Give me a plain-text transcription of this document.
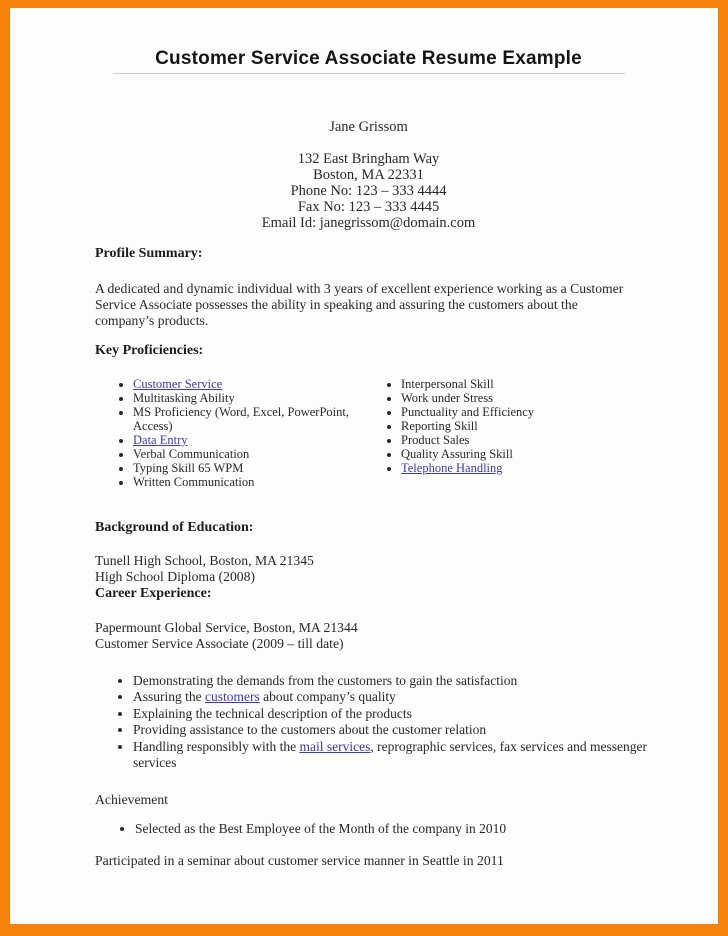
Customer Service Associate Resume Example
Jane Grissom
132 East Bringham Way
Boston, MA 22331
Phone No: 123 – 333 4444
Fax No: 123 – 333 4445
Email Id: janegrissom@domain.com
Profile Summary:

A dedicated and dynamic individual with 3 years of excellent experience working as a Customer Service Associate possesses the ability in speaking and assuring the customers about the company’s products.

Key Proficiencies:
• Customer Service
• Multitasking Ability
• MS Proficiency (Word, Excel, PowerPoint, Access)
• Data Entry
• Verbal Communication
• Typing Skill 65 WPM
• Written Communication
• Interpersonal Skill
• Work under Stress
• Punctuality and Efficiency
• Reporting Skill
• Product Sales
• Quality Assuring Skill
• Telephone Handling
Background of Education:
Tunell High School, Boston, MA 21345
High School Diploma (2008)
Career Experience:
Papermount Global Service, Boston, MA 21344
Customer Service Associate (2009 – till date)
• Demonstrating the demands from the customers to gain the satisfaction
• Assuring the customers about company’s quality
• Explaining the technical description of the products
• Providing assistance to the customers about the customer relation
• Handling responsibly with the mail services, reprographic services, fax services and messenger services
Achievement
• Selected as the Best Employee of the Month of the company in 2010

Participated in a seminar about customer service manner in Seattle in 2011
